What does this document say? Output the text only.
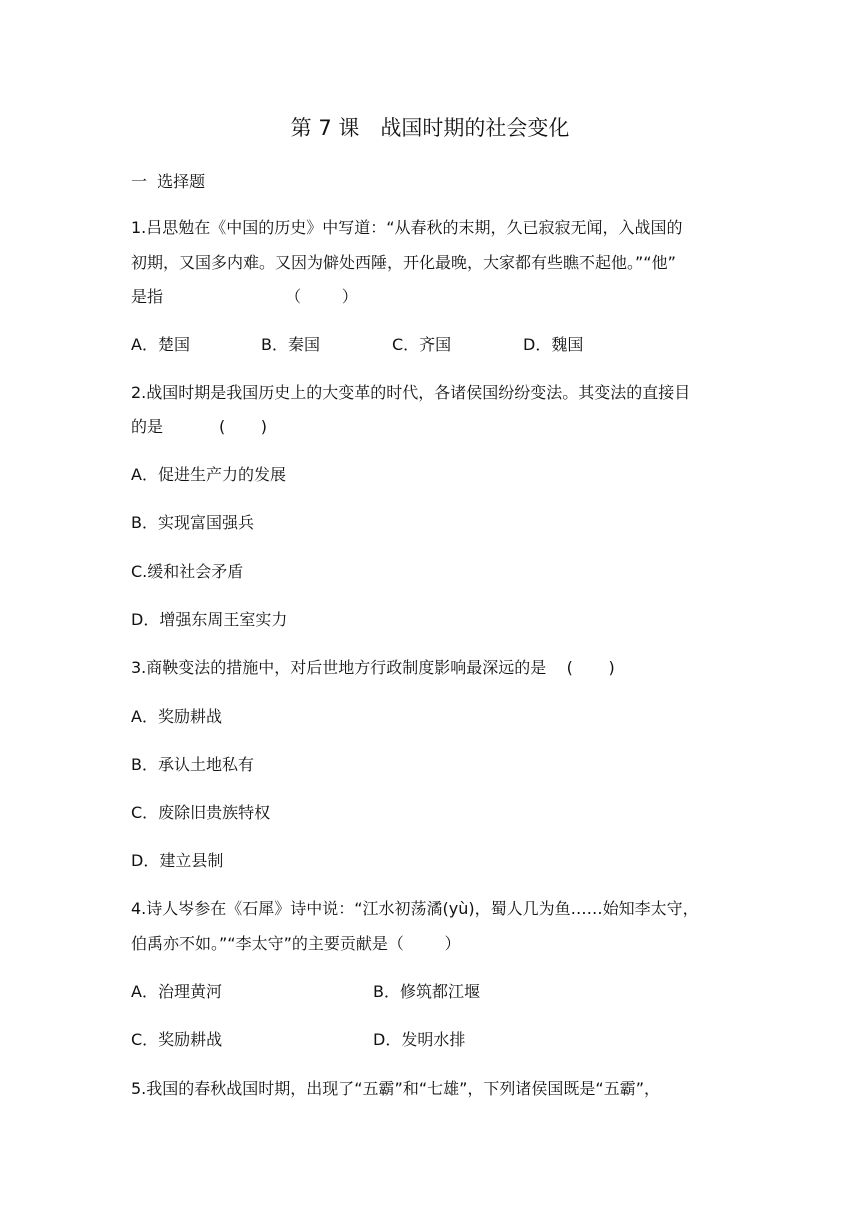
第 7 课　战国时期的社会变化
一  选择题
1.吕思勉在《中国的历史》中写道：“从春秋的末期，久已寂寂无闻，入战国的
初期，又国多内难。又因为僻处西陲，开化最晚，大家都有些瞧不起他。”“他”
是指                        （        ）
A．楚国	B．秦国	C．齐国	D．魏国
2.战国时期是我国历史上的大变革的时代，各诸侯国纷纷变法。其变法的直接目
的是           (       )
A．促进生产力的发展
B．实现富国强兵
C.缓和社会矛盾
D．增强东周王室实力
3.商鞅变法的措施中，对后世地方行政制度影响最深远的是    (       )
A．奖励耕战
B．承认土地私有
C．废除旧贵族特权
D．建立县制
4.诗人岑参在《石犀》诗中说：“江水初荡潏(yù)，蜀人几为鱼……始知李太守，
伯禹亦不如。”“李太守”的主要贡献是（        ）
A．治理黄河	B．修筑都江堰
C．奖励耕战	D．发明水排
5.我国的春秋战国时期，出现了“五霸”和“七雄”，下列诸侯国既是“五霸”，
